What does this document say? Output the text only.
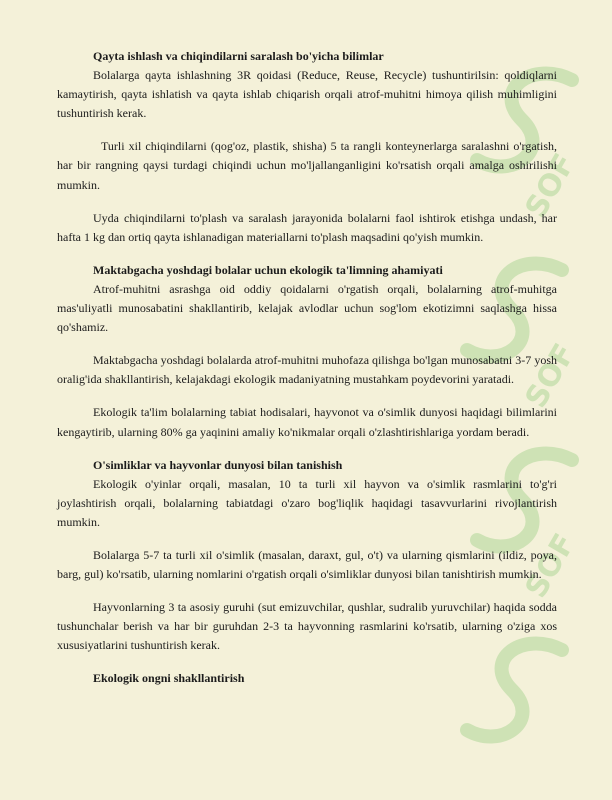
SOF
SOF
SOF

Qayta ishlash va chiqindilarni saralash bo'yicha bilimlar

Bolalarga qayta ishlashning 3R qoidasi (Reduce, Reuse, Recycle) tushuntirilsin: qoldiqlarni kamaytirish, qayta ishlatish va qayta ishlab chiqarish orqali atrof-muhitni himoya qilish muhimligini tushuntirish kerak.

Turli xil chiqindilarni (qog'oz, plastik, shisha) 5 ta rangli konteynerlarga saralashni o'rgatish, har bir rangning qaysi turdagi chiqindi uchun mo'ljallanganligini ko'rsatish orqali amalga oshirilishi mumkin.

Uyda chiqindilarni to'plash va saralash jarayonida bolalarni faol ishtirok etishga undash, har hafta 1 kg dan ortiq qayta ishlanadigan materiallarni to'plash maqsadini qo'yish mumkin.

Maktabgacha yoshdagi bolalar uchun ekologik ta'limning ahamiyati

Atrof-muhitni asrashga oid oddiy qoidalarni o'rgatish orqali, bolalarning atrof-muhitga mas'uliyatli munosabatini shakllantirib, kelajak avlodlar uchun sog'lom ekotizimni saqlashga hissa qo'shamiz.

Maktabgacha yoshdagi bolalarda atrof-muhitni muhofaza qilishga bo'lgan munosabatni 3-7 yosh oralig'ida shakllantirish, kelajakdagi ekologik madaniyatning mustahkam poydevorini yaratadi.

Ekologik ta'lim bolalarning tabiat hodisalari, hayvonot va o'simlik dunyosi haqidagi bilimlarini kengaytirib, ularning 80% ga yaqinini amaliy ko'nikmalar orqali o'zlashtirishlariga yordam beradi.

O'simliklar va hayvonlar dunyosi bilan tanishish

Ekologik o'yinlar orqali, masalan, 10 ta turli xil hayvon va o'simlik rasmlarini to'g'ri joylashtirish orqali, bolalarning tabiatdagi o'zaro bog'liqlik haqidagi tasavvurlarini rivojlantirish mumkin.

Bolalarga 5-7 ta turli xil o'simlik (masalan, daraxt, gul, o't) va ularning qismlarini (ildiz, poya, barg, gul) ko'rsatib, ularning nomlarini o'rgatish orqali o'simliklar dunyosi bilan tanishtirish mumkin.

Hayvonlarning 3 ta asosiy guruhi (sut emizuvchilar, qushlar, sudralib yuruvchilar) haqida sodda tushunchalar berish va har bir guruhdan 2-3 ta hayvonning rasmlarini ko'rsatib, ularning o'ziga xos xususiyatlarini tushuntirish kerak.

Ekologik ongni shakllantirish
